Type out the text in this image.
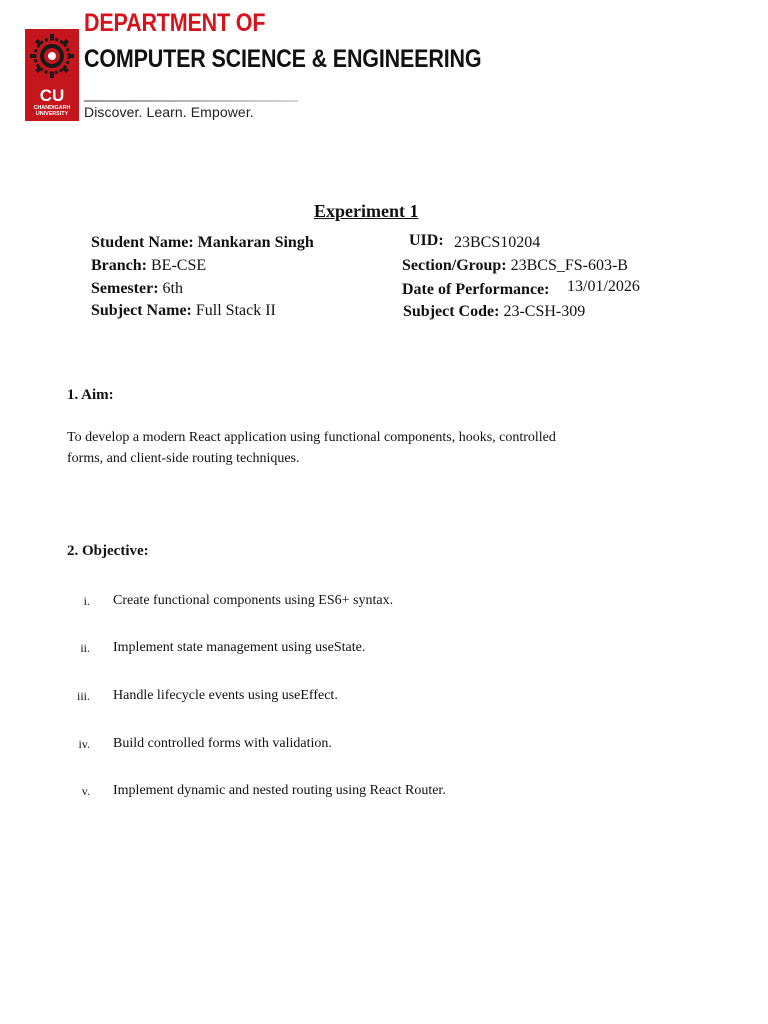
CU
CHANDIGARH UNIVERSITY
DEPARTMENT OF
COMPUTER SCIENCE & ENGINEERING
Discover. Learn. Empower.
Experiment 1
Student Name: Mankaran Singh	UID: 23BCS10204
Branch: BE-CSE	Section/Group: 23BCS_FS-603-B
Semester: 6th	Date of Performance: 13/01/2026
Subject Name: Full Stack II	Subject Code: 23-CSH-309
1. Aim:
To develop a modern React application using functional components, hooks, controlled
forms, and client-side routing techniques.
2. Objective:
i. Create functional components using ES6+ syntax.
ii. Implement state management using useState.
iii. Handle lifecycle events using useEffect.
iv. Build controlled forms with validation.
v. Implement dynamic and nested routing using React Router.
